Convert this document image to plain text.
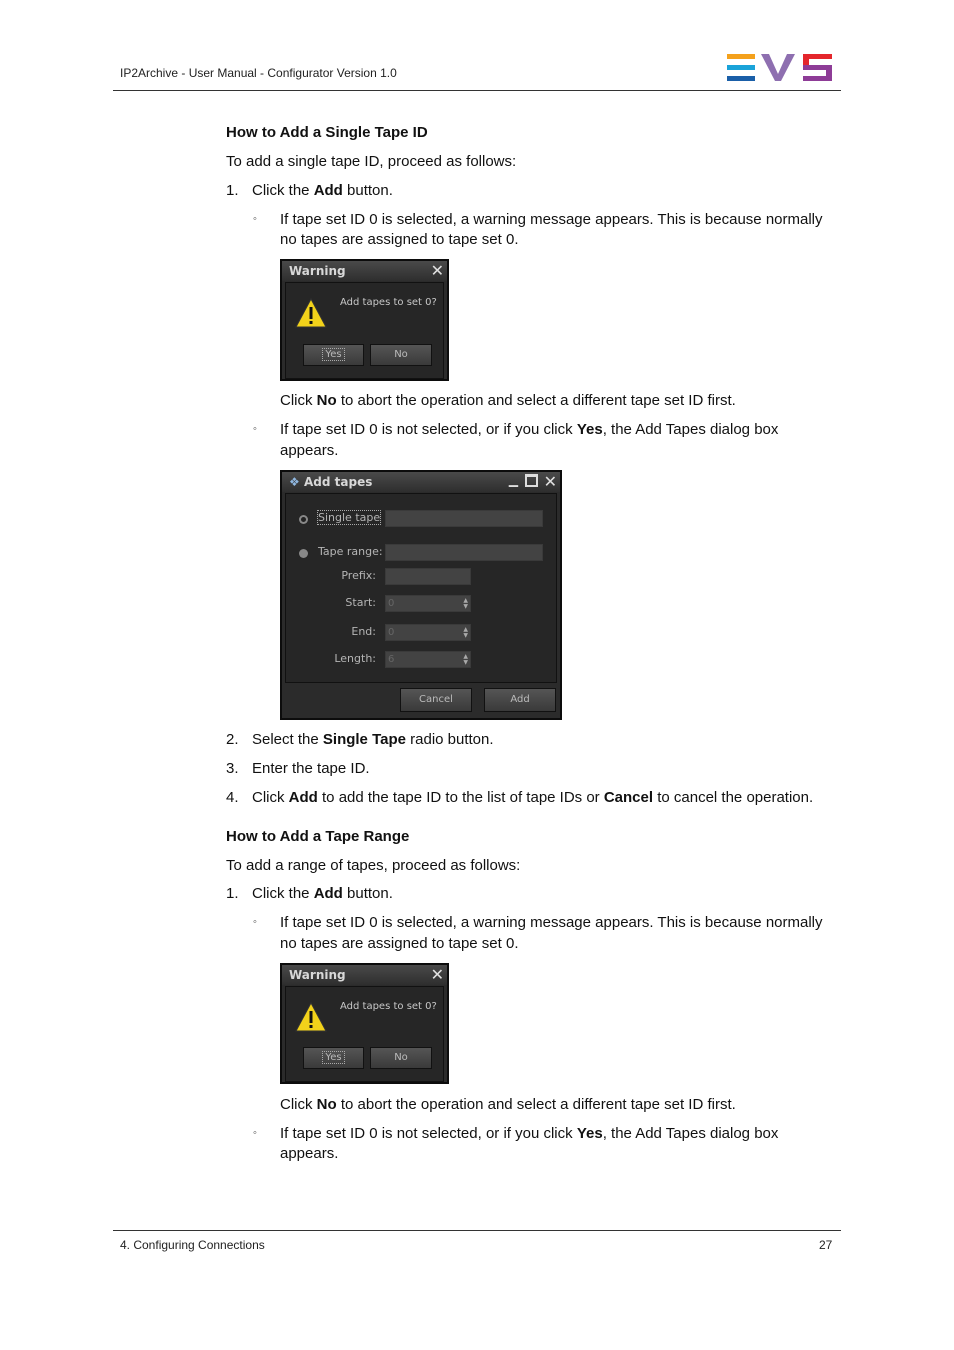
IP2Archive - User Manual - Configurator Version 1.0
How to Add a Single Tape ID
To add a single tape ID, proceed as follows:
1. Click the Add button.
◦ If tape set ID 0 is selected, a warning message appears. This is because normally
no tapes are assigned to tape set 0.
Warning	✕
Add tapes to set 0?
Yes	No
Click No to abort the operation and select a different tape set ID first.
◦ If tape set ID 0 is not selected, or if you click Yes, the Add Tapes dialog box
appears.
Add tapes
❖	▁ ✕
Single tape
Tape range:
Prefix:
Start:	0	▲
▼
End:	0	▲
▼
Length:	6	▲
▼
Cancel	Add
2. Select the Single Tape radio button.
3. Enter the tape ID.
4. Click Add to add the tape ID to the list of tape IDs or Cancel to cancel the operation.
How to Add a Tape Range
To add a range of tapes, proceed as follows:
1. Click the Add button.
◦ If tape set ID 0 is selected, a warning message appears. This is because normally
no tapes are assigned to tape set 0.
Warning	✕
Add tapes to set 0?
Yes	No
Click No to abort the operation and select a different tape set ID first.
◦ If tape set ID 0 is not selected, or if you click Yes, the Add Tapes dialog box
appears.
4. Configuring Connections	27
